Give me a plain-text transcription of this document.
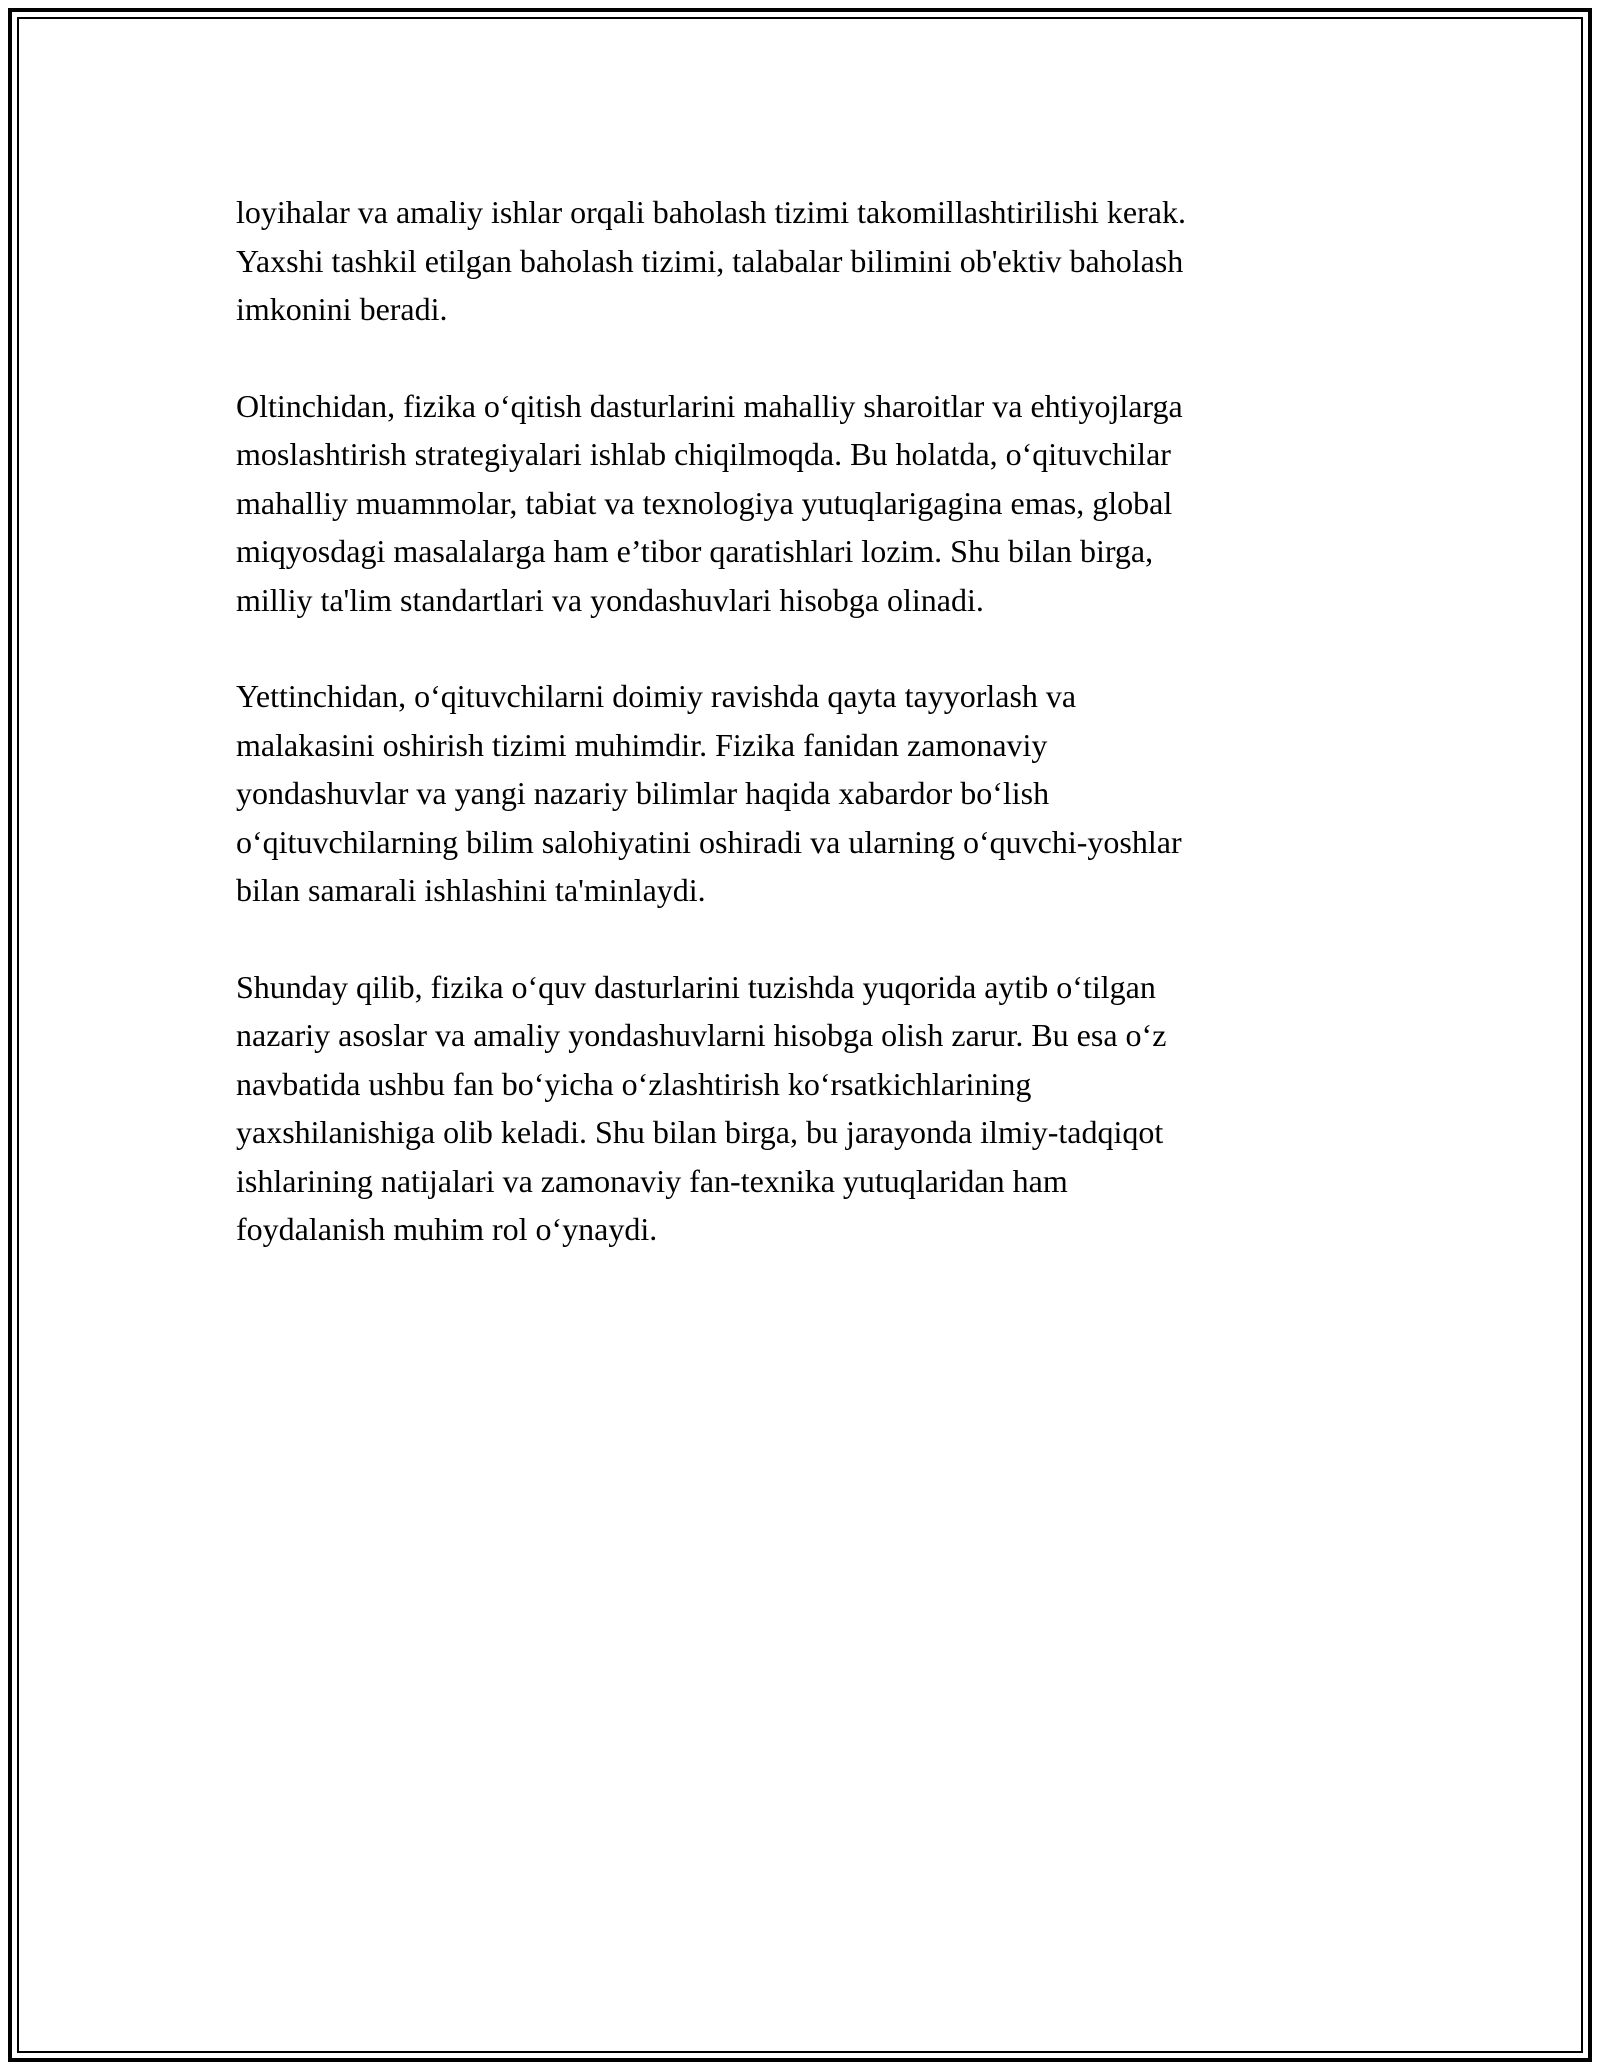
loyihalar va amaliy ishlar orqali baholash tizimi takomillashtirilishi kerak.
Yaxshi tashkil etilgan baholash tizimi, talabalar bilimini ob'ektiv baholash
imkonini beradi.
Oltinchidan, fizika o‘qitish dasturlarini mahalliy sharoitlar va ehtiyojlarga
moslashtirish strategiyalari ishlab chiqilmoqda. Bu holatda, o‘qituvchilar
mahalliy muammolar, tabiat va texnologiya yutuqlarigagina emas, global
miqyosdagi masalalarga ham e’tibor qaratishlari lozim. Shu bilan birga,
milliy ta'lim standartlari va yondashuvlari hisobga olinadi.
Yettinchidan, o‘qituvchilarni doimiy ravishda qayta tayyorlash va
malakasini oshirish tizimi muhimdir. Fizika fanidan zamonaviy
yondashuvlar va yangi nazariy bilimlar haqida xabardor bo‘lish
o‘qituvchilarning bilim salohiyatini oshiradi va ularning o‘quvchi-yoshlar
bilan samarali ishlashini ta'minlaydi.
Shunday qilib, fizika o‘quv dasturlarini tuzishda yuqorida aytib o‘tilgan
nazariy asoslar va amaliy yondashuvlarni hisobga olish zarur. Bu esa o‘z
navbatida ushbu fan bo‘yicha o‘zlashtirish ko‘rsatkichlarining
yaxshilanishiga olib keladi. Shu bilan birga, bu jarayonda ilmiy-tadqiqot
ishlarining natijalari va zamonaviy fan-texnika yutuqlaridan ham
foydalanish muhim rol o‘ynaydi.
